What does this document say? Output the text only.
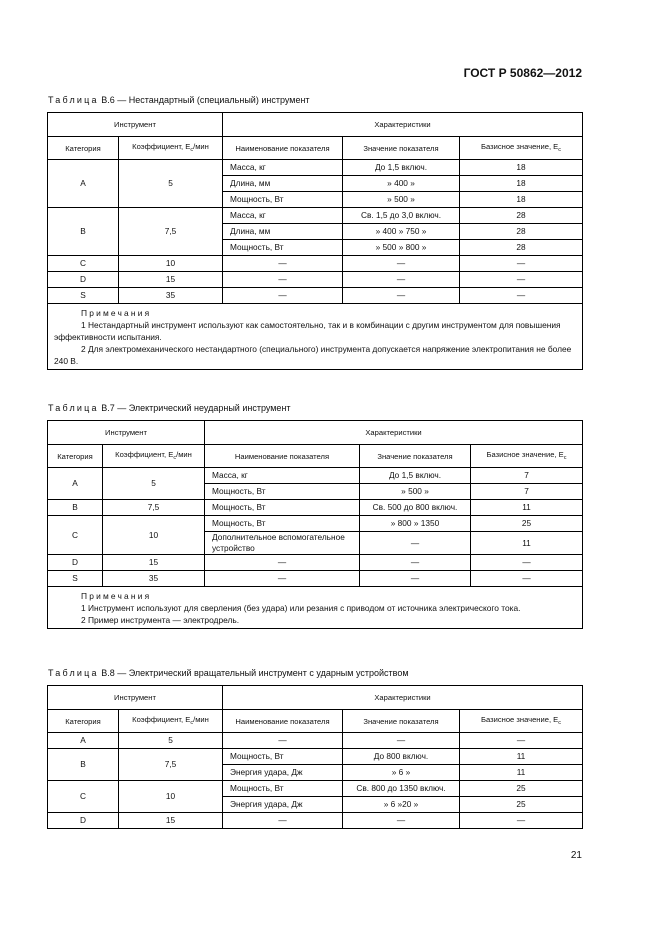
ГОСТ Р 50862—2012
Таблица В.6 — Нестандартный (специальный) инструмент
Инструмент		Характеристики		
Категория	Коэффициент, $E_c$/мин	Наименование показателя	Значение показателя	Базисное значение, $E_c$
A	5	Масса, кг	До 1,5 включ.	18
		Длина, мм	» 400 »	18
		Мощность, Вт	» 500 »	18
B	7,5	Масса, кг	Св. 1,5 до 3,0 включ.	28
		Длина, мм	» 400 » 750 »	28
		Мощность, Вт	» 500 » 800 »	28
C	10	—	—	—
D	15	—	—	—
S	35	—	—	—

Примечания
1 Нестандартный инструмент используют как самостоятельно, так и в комбинации с другим инструментом для повышения эффективности испытания.
2 Для электромеханического нестандартного (специального) инструмента допускается напряжение электропитания не более 240 В.				
Таблица В.7 — Электрический неударный инструмент
Инструмент		Характеристики		
Категория	Коэффициент, $E_c$/мин	Наименование показателя	Значение показателя	Базисное значение, $E_c$
A	5	Масса, кг	До 1,5 включ.	7
		Мощность, Вт	» 500 »	7
B	7,5	Мощность, Вт	Св. 500 до 800 включ.	11
C	10	Мощность, Вт	» 800 » 1350	25
		Дополнительное вспомогательное устройство	—	11
D	15	—	—	—
S	35	—	—	—

Примечания
1 Инструмент используют для сверления (без удара) или резания с приводом от источника электрического тока.
2 Пример инструмента — электродрель.				
Таблица В.8 — Электрический вращательный инструмент с ударным устройством
Инструмент		Характеристики		
Категория	Коэффициент, $E_c$/мин	Наименование показателя	Значение показателя	Базисное значение, $E_c$
A	5	—	—	—
B	7,5	Мощность, Вт	До 800 включ.	11
		Энергия удара, Дж	» 6 »	11
C	10	Мощность, Вт	Св. 800 до 1350 включ.	25
		Энергия удара, Дж	» 6 »20 »	25
D	15	—	—	—
21
